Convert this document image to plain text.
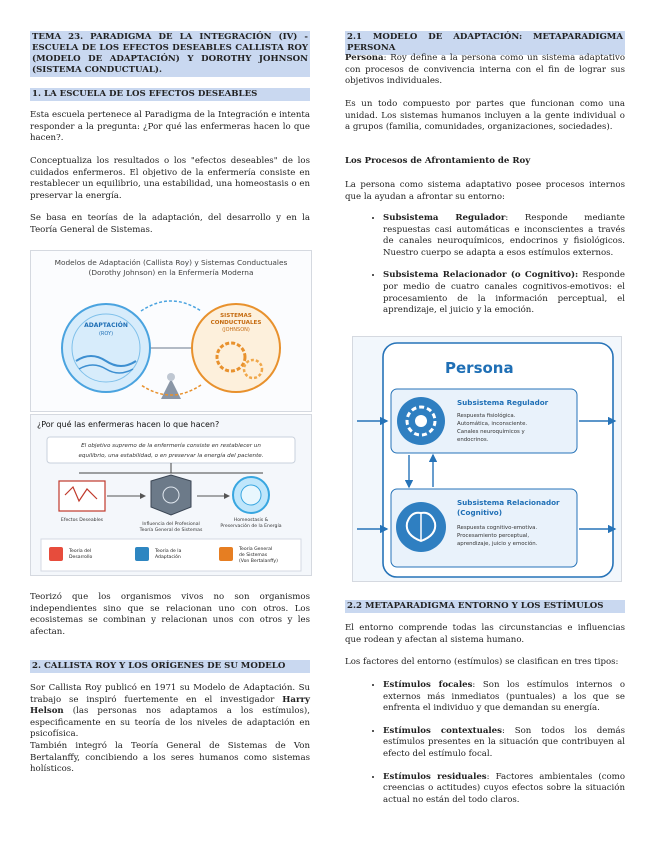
TEMA 23. PARADIGMA DE LA INTEGRACIÓN (IV) - ESCUELA DE LOS EFECTOS DESEABLES CALLISTA ROY (MODELO DE ADAPTACIÓN) Y DOROTHY JOHNSON (SISTEMA CONDUCTUAL).
1. LA ESCUELA DE LOS EFECTOS DESEABLES

Esta escuela pertenece al Paradigma de la Integración e intenta responder a la pregunta: ¿Por qué las enfermeras hacen lo que hacen?.

Conceptualiza los resultados o los "efectos deseables" de los cuidados enfermeros. El objetivo de la enfermería consiste en restablecer un equilibrio, una estabilidad, una homeostasis o en preservar la energía.

Se basa en teorías de la adaptación, del desarrollo y en la Teoría General de Sistemas.

Modelos de Adaptación (Callista Roy) y Sistemas Conductuales
(Dorothy Johnson) en la Enfermería Moderna
ADAPTACIÓN
(ROY)
SISTEMAS
CONDUCTUALES
(JOHNSON)
¿Por qué las enfermeras hacen lo que hacen?
El objetivo supremo de la enfermería consiste en restablecer un
equilibrio, una estabilidad, o en preservar la energía del paciente.
Efectos Deseables
Influencia del Profesional
Teoría General de Sistemas
Homeostasis &
Preservación de la Energía
Teoría del
Desarrollo
Teoría de la
Adaptación
Teoría General
de Sistemas
(Von Bertalanffy)

Teorizó que los organismos vivos no son organismos independientes sino que se relacionan uno con otros. Los ecosistemas se combinan y relacionan unos con otros y les afectan.

2. CALLISTA ROY Y LOS ORÍGENES DE SU MODELO

Sor Callista Roy publicó en 1971 su Modelo de Adaptación. Su trabajo se inspiró fuertemente en el investigador Harry Helson (las personas nos adaptamos a los estímulos), especificamente en su teoría de los niveles de adaptación en psicofísica.

También integró la Teoría General de Sistemas de Von Bertalanffy, concibiendo a los seres humanos como sistemas holísticos.

2.1 MODELO DE ADAPTACIÓN: METAPARADIGMA PERSONA

Persona: Roy define a la persona como un sistema adaptativo con procesos de convivencia interna con el fin de lograr sus objetivos individuales.

Es un todo compuesto por partes que funcionan como una unidad. Los sistemas humanos incluyen a la gente individual o a grupos (familia, comunidades, organizaciones, sociedades).

Los Procesos de Afrontamiento de Roy

La persona como sistema adaptativo posee procesos internos que la ayudan a afrontar su entorno:

• Subsistema Regulador: Responde mediante respuestas casi automáticas e inconscientes a través de canales neuroquímicos, endocrinos y fisiológicos. Nuestro cuerpo se adapta a esos estímulos externos.
• Subsistema Relacionador (o Cognitivo): Responde por medio de cuatro canales cognitivos-emotivos: el procesamiento de la información perceptual, el aprendizaje, el juicio y la emoción.
Persona
Subsistema Regulador
Respuesta fisiológica.
Automática, inconsciente.
Canales neuroquímicos y
endocrinos.
Subsistema Relacionador
(Cognitivo)
Respuesta cognitivo-emotiva.
Procesamiento perceptual,
aprendizaje, juicio y emoción.
2.2 METAPARADIGMA ENTORNO Y LOS ESTÍMULOS

El entorno comprende todas las circunstancias e influencias que rodean y afectan al sistema humano.

Los factores del entorno (estímulos) se clasifican en tres tipos:

• Estímulos focales: Son los estímulos internos o externos más inmediatos (puntuales) a los que se enfrenta el individuo y que demandan su energía.
• Estímulos contextuales: Son todos los demás estímulos presentes en la situación que contribuyen al efecto del estímulo focal.
• Estímulos residuales: Factores ambientales (como creencias o actitudes) cuyos efectos sobre la situación actual no están del todo claros.
